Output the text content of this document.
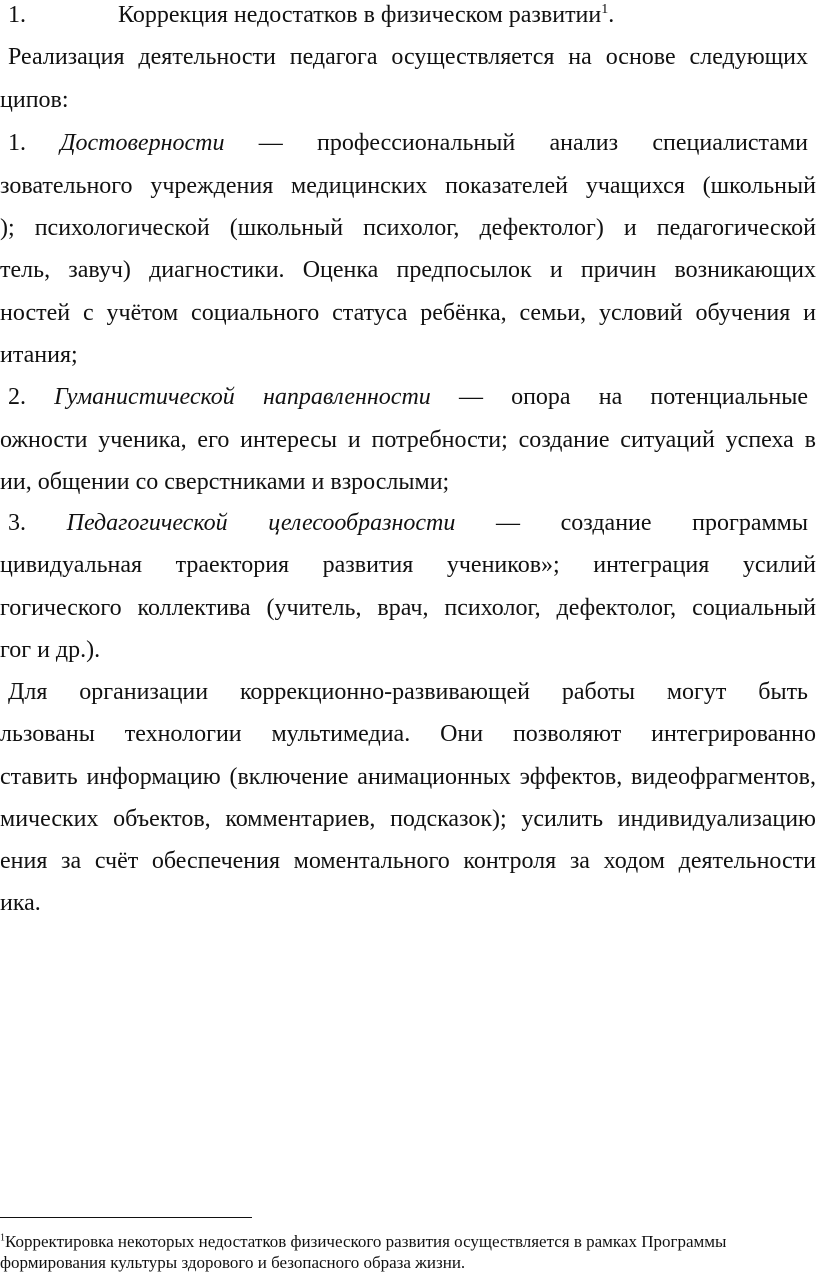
1.	Коррекция недостатков в физическом развитии$^1$.
Реализация деятельности педагога осуществляется на основе следующих
ципов:
1. Достоверности — профессиональный анализ специалистами
зовательного учреждения медицинских показателей учащихся (школьный
); психологической (школьный психолог, дефектолог) и педагогической
тель, завуч) диагностики. Оценка предпосылок и причин возникающих
ностей с учётом социального статуса ребёнка, семьи, условий обучения и
итания;
2. Гуманистической направленности — опора на потенциальные
ожности ученика, его интересы и потребности; создание ситуаций успеха в
ии, общении со сверстниками и взрослыми;
3. Педагогической целесообразности — создание программы
цивидуальная траектория развития учеников»; интеграция усилий
гогического коллектива (учитель, врач, психолог, дефектолог, социальный
гог и др.).
Для организации коррекционно-развивающей работы могут быть
льзованы технологии мультимедиа. Они позволяют интегрированно
ставить информацию (включение анимационных эффектов, видеофрагментов,
мических объектов, комментариев, подсказок); усилить индивидуализацию
ения за счёт обеспечения моментального контроля за ходом деятельности
ика.
$^1$Корректировка некоторых недостатков физического развития осуществляется в рамках Программы
формирования культуры здорового и безопасного образа жизни.
